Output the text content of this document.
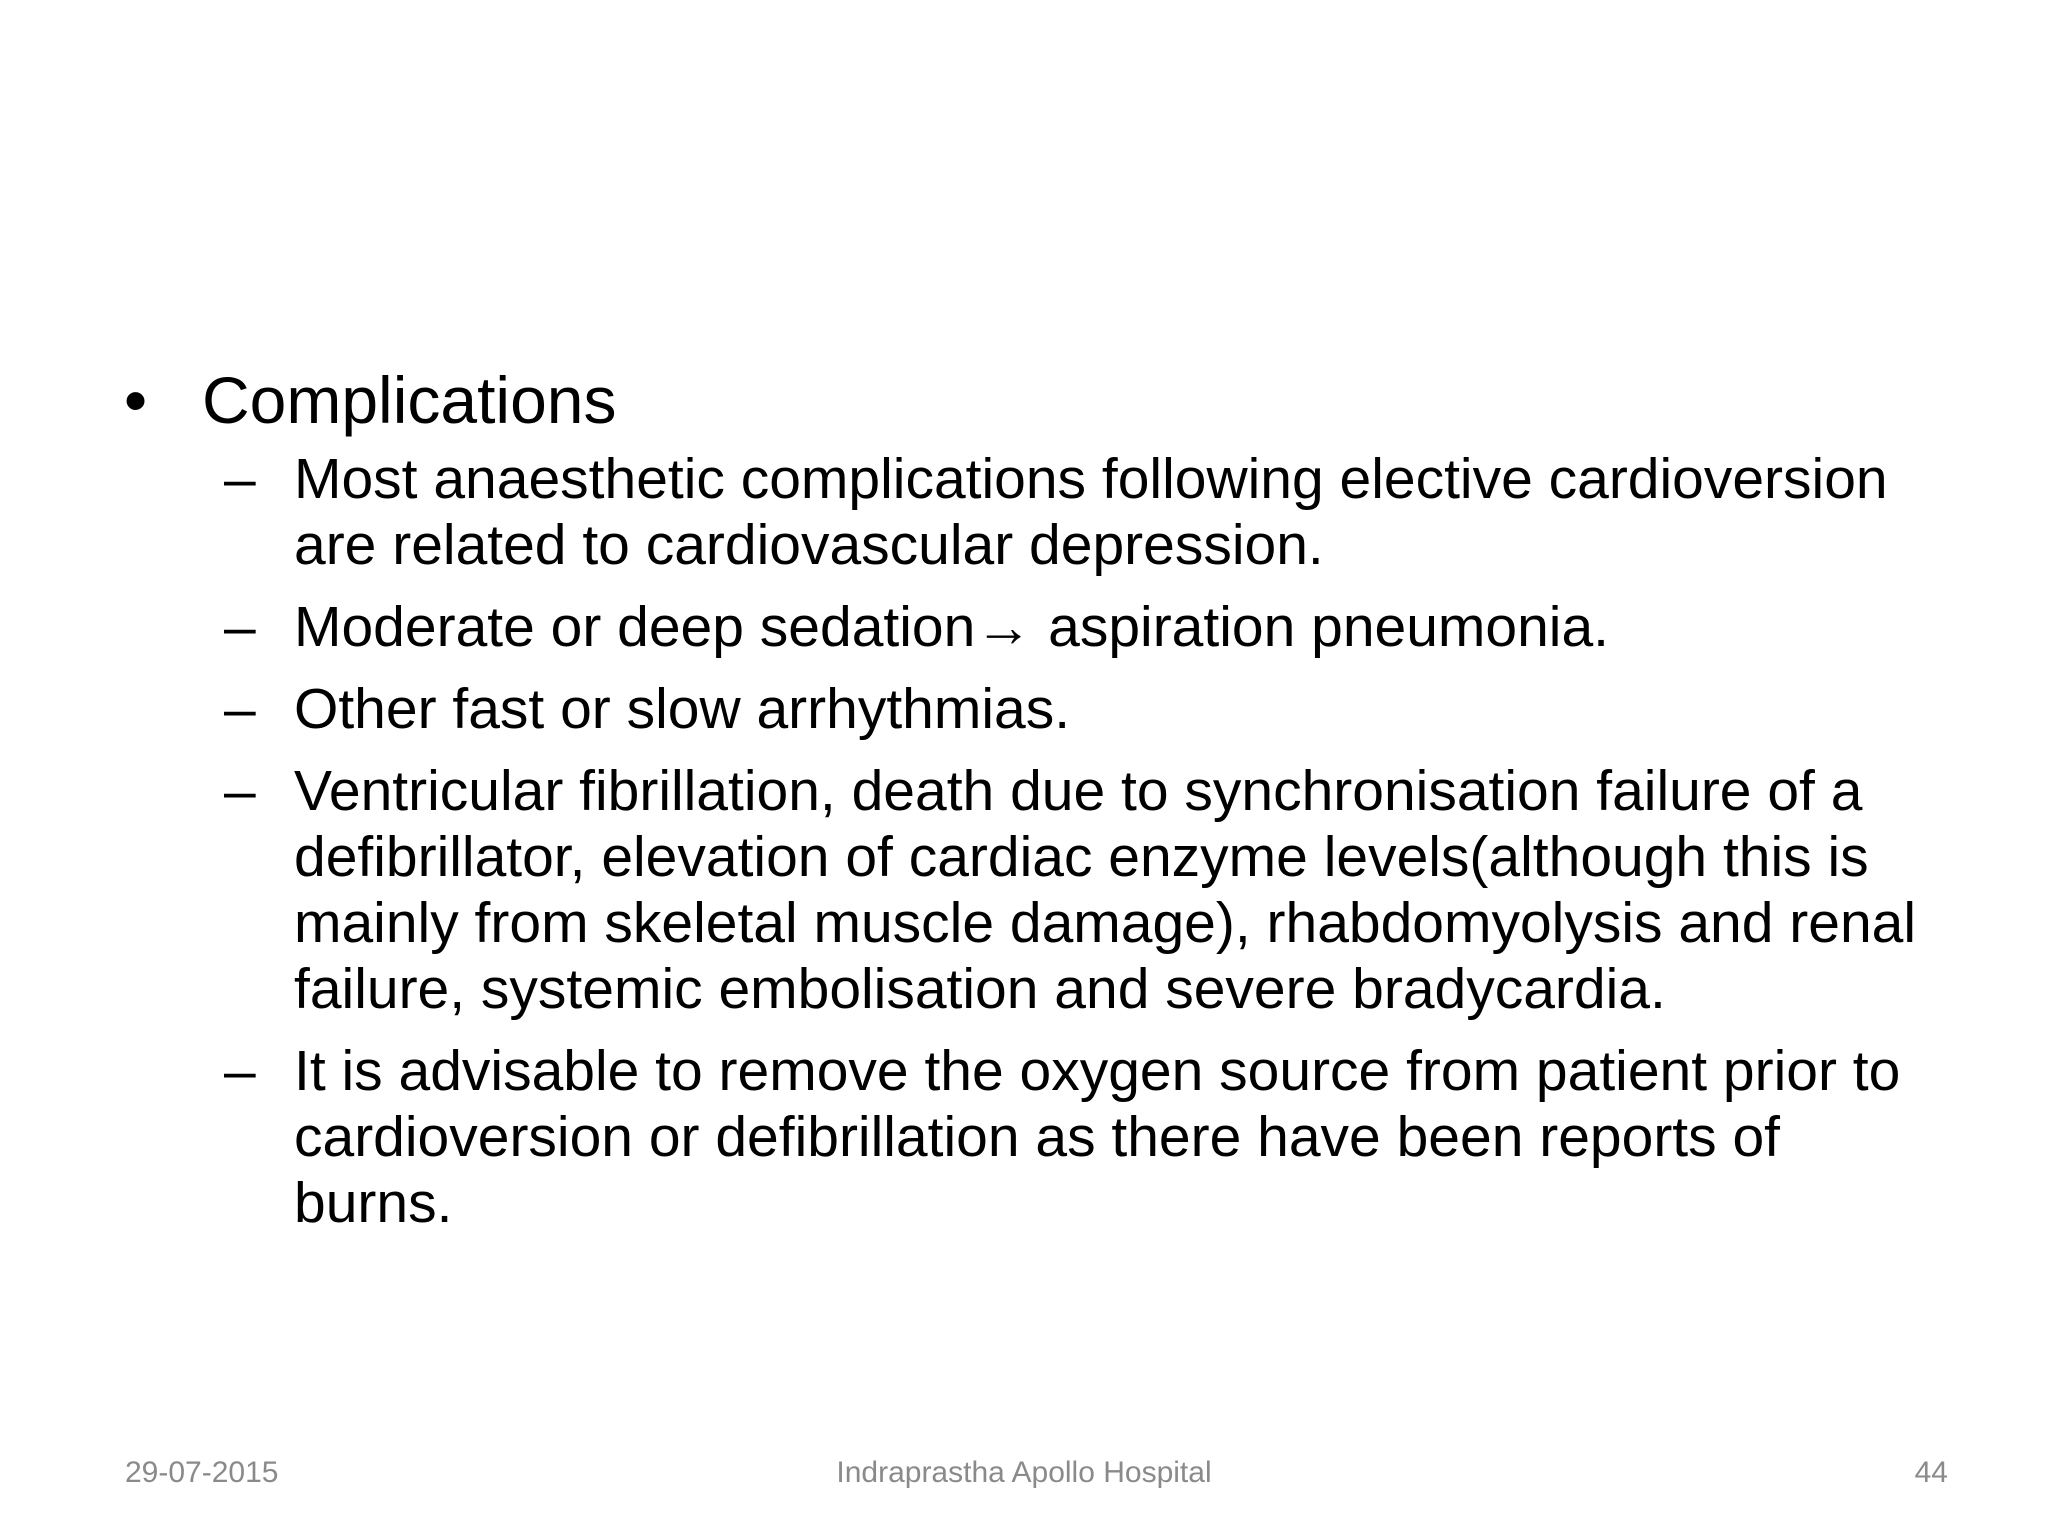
• Complications
– Most anaesthetic complications following elective cardioversion are related to cardiovascular depression.
– Moderate or deep sedation→ aspiration pneumonia.
– Other fast or slow arrhythmias.
– Ventricular fibrillation, death due to synchronisation failure of a defibrillator, elevation of cardiac enzyme levels(although this is mainly from skeletal muscle damage), rhabdomyolysis and renal failure, systemic embolisation and severe bradycardia.
– It is advisable to remove the oxygen source from patient prior to cardioversion or defibrillation as there have been reports of burns.
29-07-2015	Indraprastha Apollo Hospital	44
